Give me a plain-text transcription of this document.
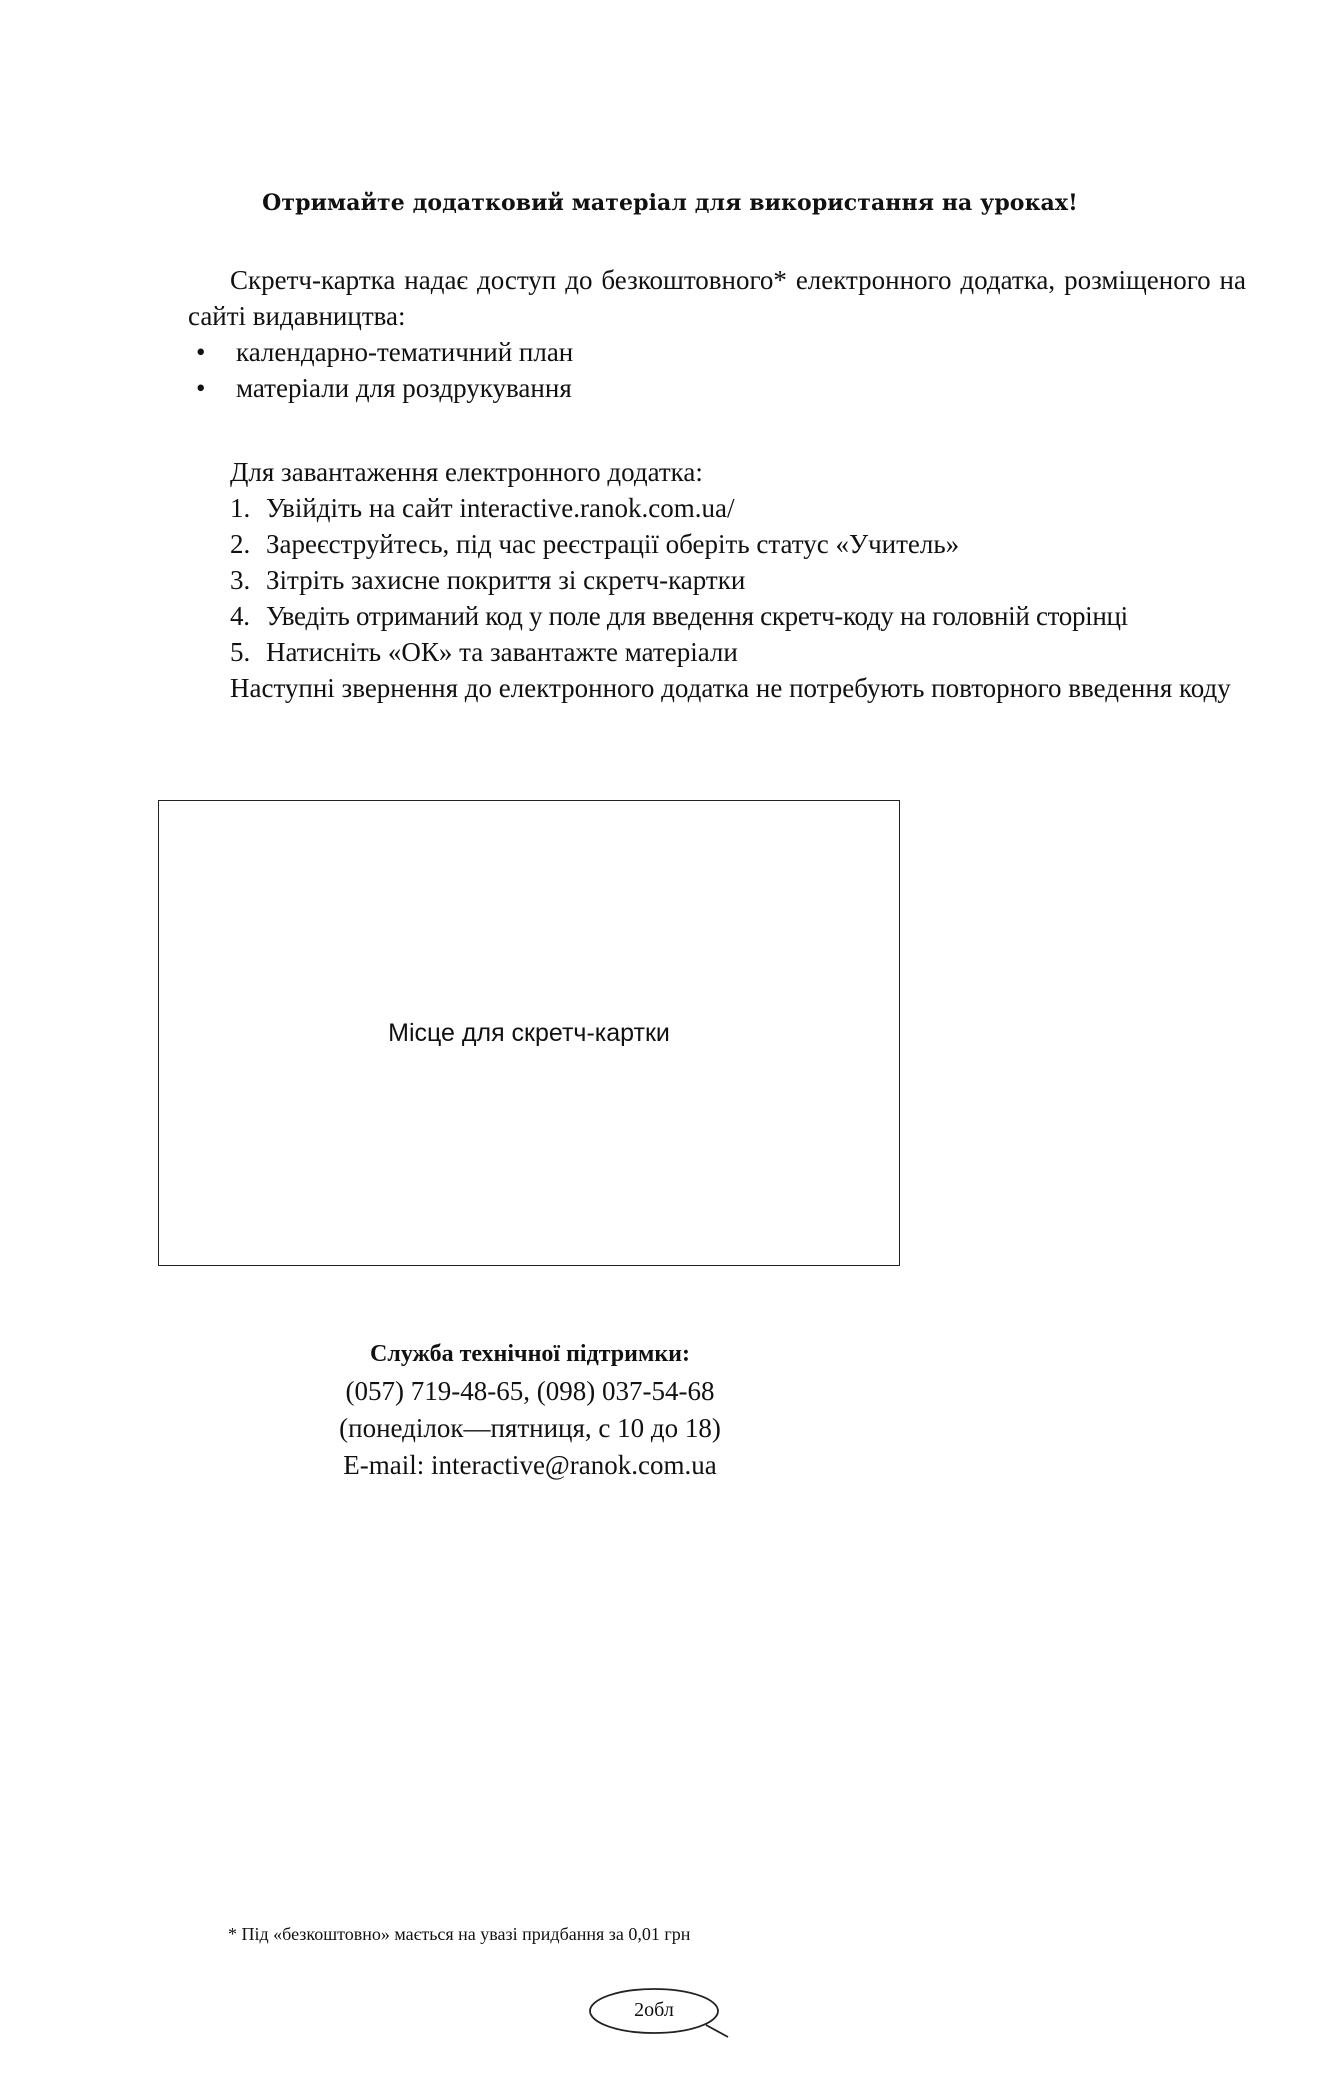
Отримайте додатковий матеріал для використання на уроках!

Скретч-картка надає доступ до безкоштовного* електронного додатка, розміщеного на сайті видавництва:

• календарно-тематичний план
• матеріали для роздрукування

Для завантаження електронного додатка:

1. Увійдіть на сайт interactive.ranok.com.ua/
2. Зареєструйтесь, під час реєстрації оберіть статус «Учитель»
3. Зітріть захисне покриття зі скретч-картки
4. Уведіть отриманий код у поле для введення скретч-коду на головній сторінці
5. Натисніть «ОК» та завантажте матеріали

Наступні звернення до електронного додатка не потребують повторного введення коду

Місце для скретч-картки
Служба технічної підтримки:
(057) 719-48-65, (098) 037-54-68
(понеділок—пятниця, с 10 до 18)
E-mail: interactive@ranok.com.ua
* Під «безкоштовно» мається на увазі придбання за 0,01 грн
2обл
